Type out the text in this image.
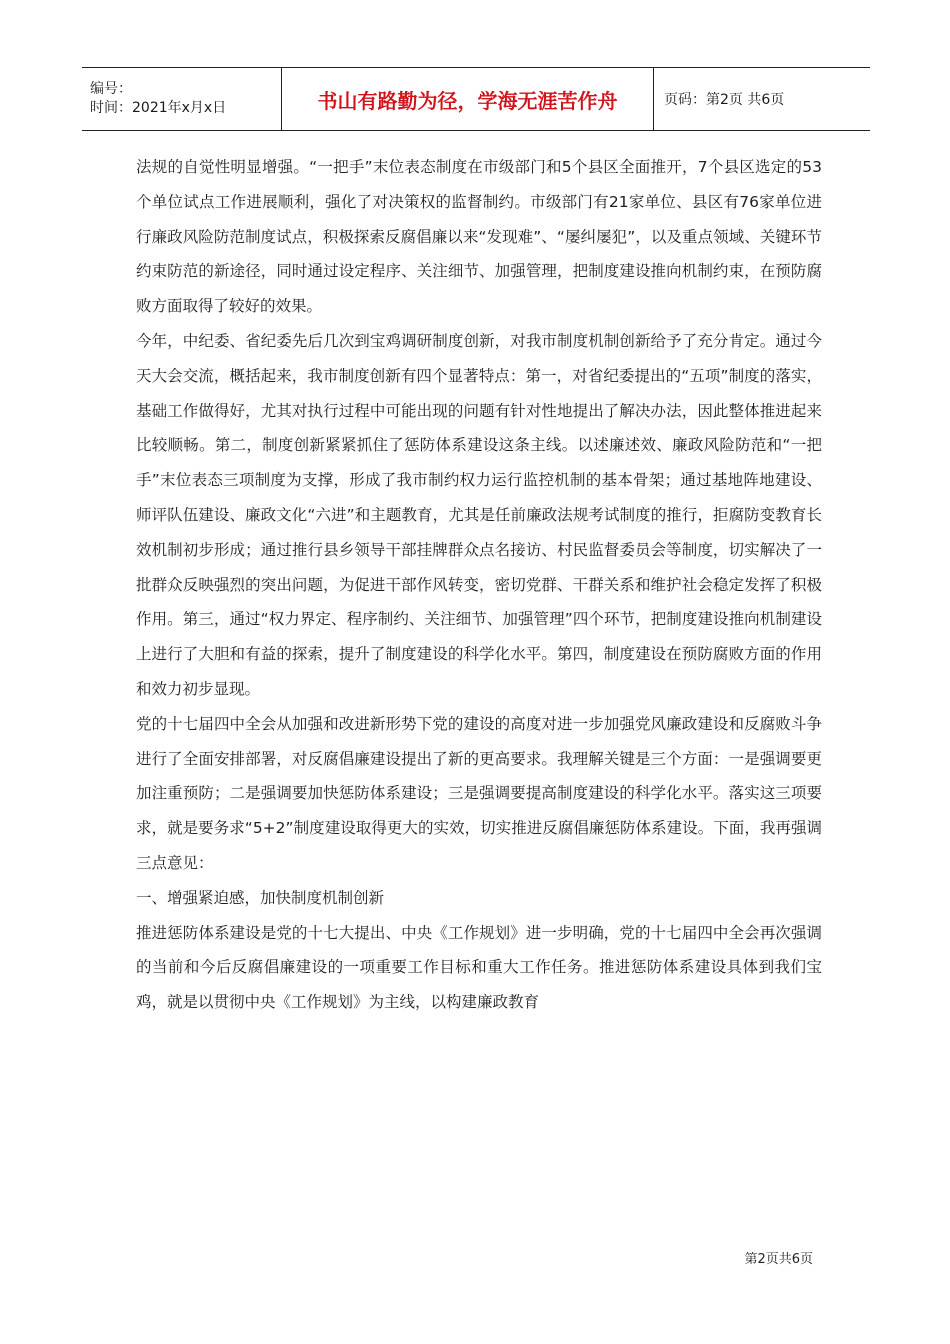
编号：
时间：2021年x月x日	书山有路勤为径，学海无涯苦作舟	页码：第2页 共6页

法规的自觉性明显增强。“一把手”末位表态制度在市级部门和5个县区全面推开，7个县区选定的53个单位试点工作进展顺利，强化了对决策权的监督制约。市级部门有21家单位、县区有76家单位进行廉政风险防范制度试点，积极探索反腐倡廉以来“发现难”、“屡纠屡犯”，以及重点领域、关键环节约束防范的新途径，同时通过设定程序、关注细节、加强管理，把制度建设推向机制约束，在预防腐败方面取得了较好的效果。

今年，中纪委、省纪委先后几次到宝鸡调研制度创新，对我市制度机制创新给予了充分肯定。通过今天大会交流，概括起来，我市制度创新有四个显著特点：第一，对省纪委提出的“五项”制度的落实，基础工作做得好，尤其对执行过程中可能出现的问题有针对性地提出了解决办法，因此整体推进起来比较顺畅。第二，制度创新紧紧抓住了惩防体系建设这条主线。以述廉述效、廉政风险防范和“一把手”末位表态三项制度为支撑，形成了我市制约权力运行监控机制的基本骨架；通过基地阵地建设、师评队伍建设、廉政文化“六进”和主题教育，尤其是任前廉政法规考试制度的推行，拒腐防变教育长效机制初步形成；通过推行县乡领导干部挂牌群众点名接访、村民监督委员会等制度，切实解决了一批群众反映强烈的突出问题，为促进干部作风转变，密切党群、干群关系和维护社会稳定发挥了积极作用。第三，通过“权力界定、程序制约、关注细节、加强管理”四个环节，把制度建设推向机制建设上进行了大胆和有益的探索，提升了制度建设的科学化水平。第四，制度建设在预防腐败方面的作用和效力初步显现。

党的十七届四中全会从加强和改进新形势下党的建设的高度对进一步加强党风廉政建设和反腐败斗争进行了全面安排部署，对反腐倡廉建设提出了新的更高要求。我理解关键是三个方面：一是强调要更加注重预防；二是强调要加快惩防体系建设；三是强调要提高制度建设的科学化水平。落实这三项要求，就是要务求“5+2”制度建设取得更大的实效，切实推进反腐倡廉惩防体系建设。下面，我再强调三点意见：

一、增强紧迫感，加快制度机制创新

推进惩防体系建设是党的十七大提出、中央《工作规划》进一步明确，党的十七届四中全会再次强调的当前和今后反腐倡廉建设的一项重要工作目标和重大工作任务。推进惩防体系建设具体到我们宝鸡，就是以贯彻中央《工作规划》为主线，以构建廉政教育

第2页共6页
